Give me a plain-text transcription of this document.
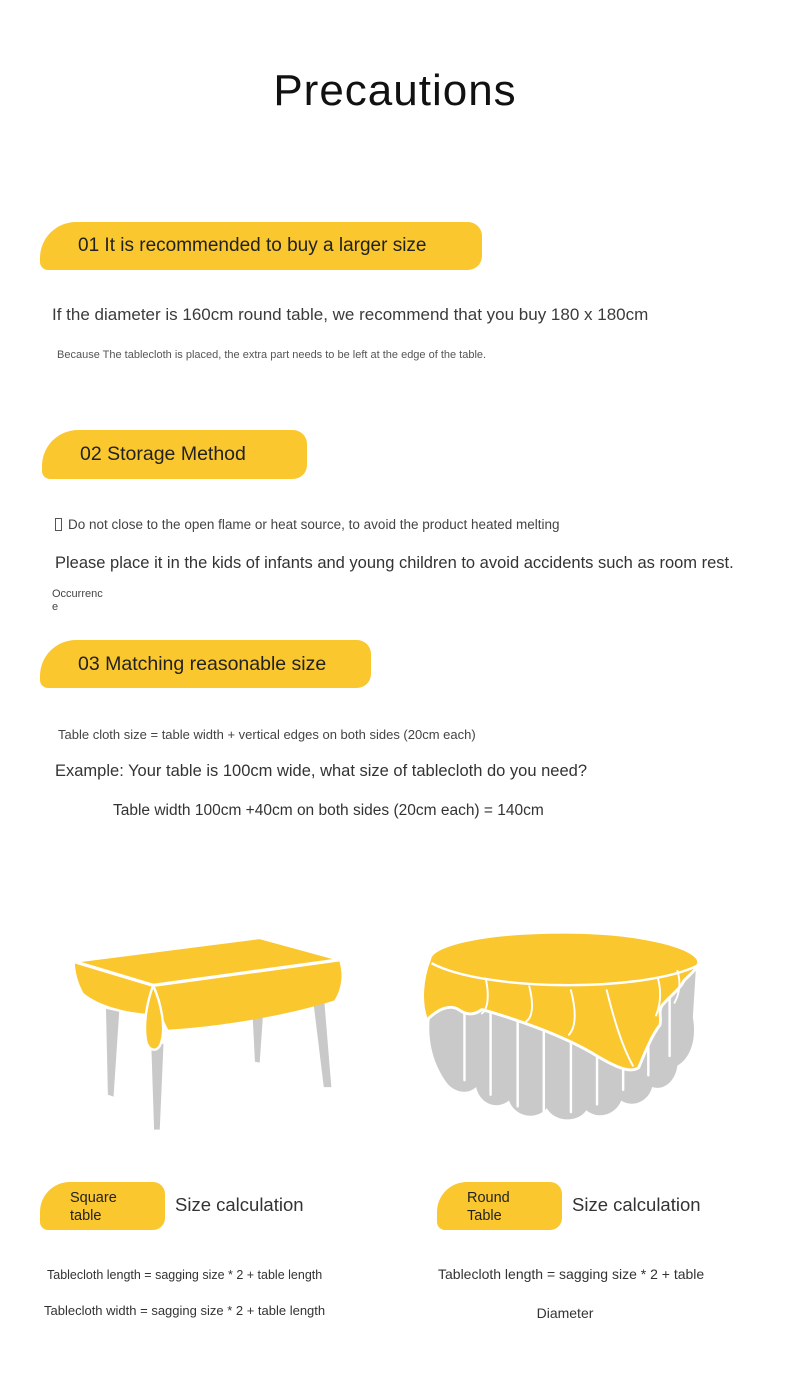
Precautions
01 It is recommended to buy a larger size
If the diameter is 160cm round table, we recommend that you buy 180 x 180cm
Because The tablecloth is placed, the extra part needs to be left at the edge of the table.
02 Storage Method
Do not close to the open flame or heat source, to avoid the product heated melting
Please place it in the kids of infants and young children to avoid accidents such as room rest.
Occurrenc
e
03 Matching reasonable size
Table cloth size = table width + vertical edges on both sides (20cm each)
Example: Your table is 100cm wide, what size of tablecloth do you need?
Table width 100cm +40cm on both sides (20cm each) = 140cm
Square
table
Size calculation
Tablecloth length = sagging size * 2 + table length
Tablecloth width = sagging size * 2 + table length
Round
Table
Size calculation
Tablecloth length = sagging size * 2 + table
Diameter
